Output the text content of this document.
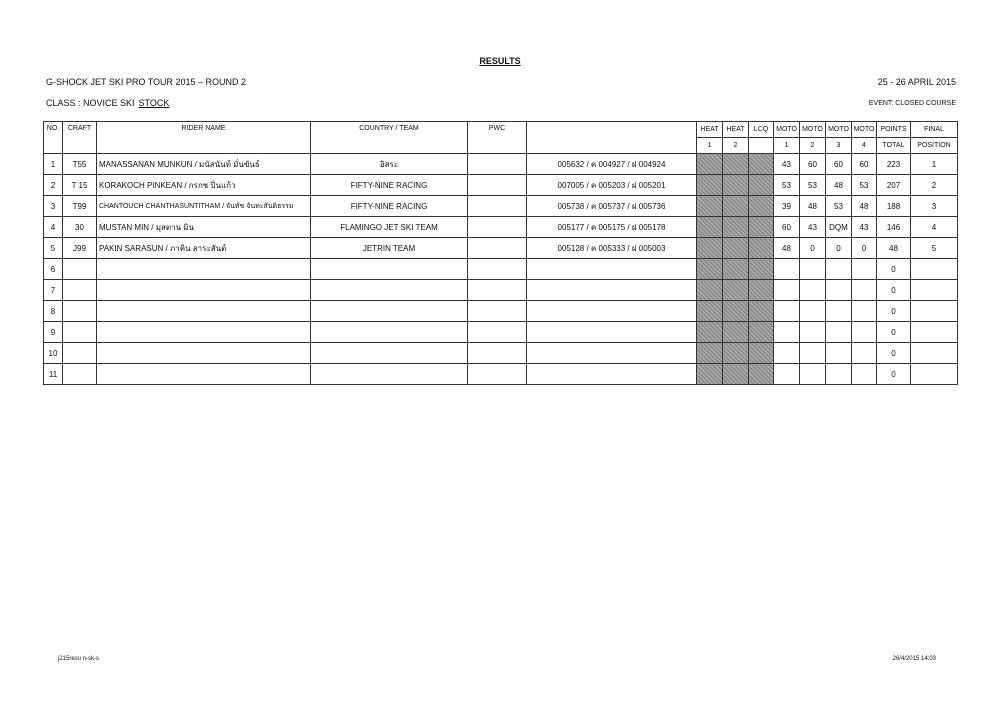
RESULTS
G-SHOCK JET SKI PRO TOUR 2015 – ROUND 2	25 - 26 APRIL 2015
CLASS : NOVICE SKI STOCK	EVENT: CLOSED COURSE
NO.	CRAFT	RIDER NAME	COUNTRY / TEAM	PWC		HEAT	HEAT	LCQ	MOTO	MOTO	MOTO	MOTO	POINTS	FINAL
						1	2		1	2	3	4	TOTAL	POSITION
1	T55	MANASSANAN MUNKUN / มนัสนันท์ มั่นขันธ์	อิสระ		005632 / ค 004927 / ฝ 004924				43	60	60	60	223	1
2	T 15	KORAKOCH PINKEAN / กรกช ปิ่นแก้ว	FIFTY-NINE RACING		007005 / ค 005203 / ฝ 005201				53	53	48	53	207	2
3	T99	CHANTOUCH CHANTHASUNTITHAM / จันทัช จันทะสันติธรรม	FIFTY-NINE RACING		005738 / ค 005737 / ฝ 005736				39	48	53	48	188	3
4	30	MUSTAN MIN / มุสตาน มิน	FLAMINGO JET SKI TEAM		005177 / ค 005175 / ฝ 005178				60	43	DQM	43	146	4
5	J99	PAKIN SARASUN / ภาคิน สาระสันต์	JETRIN TEAM		005128 / ค 005333 / ฝ 005003				48	0	0	0	48	5
6													0	
7													0	
8													0	
9													0	
10													0	
11													0	
j215resu n-sk-s	26/4/2015 14:03
